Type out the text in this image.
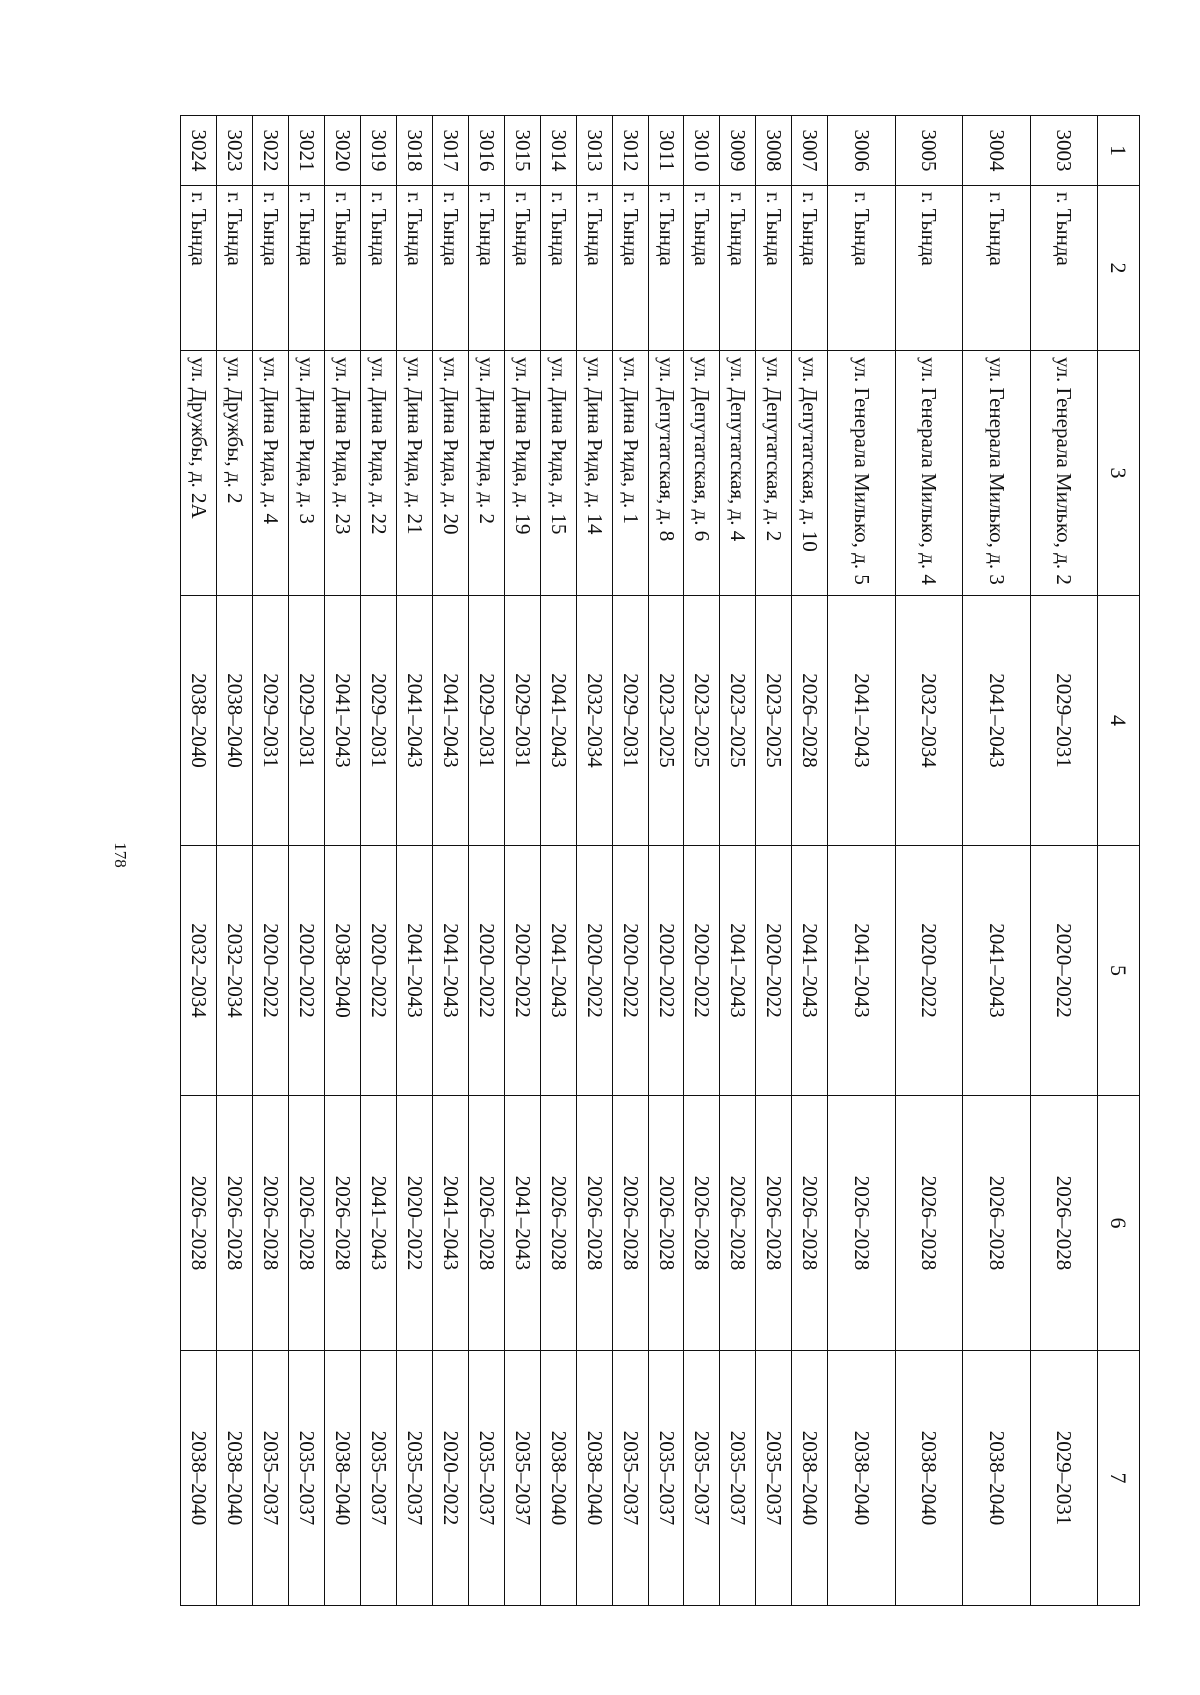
178
1	2	3	4	5	6	7
3003	г. Тында	ул. Генерала Милько, д. 2	2029–2031	2020–2022	2026–2028	2029–2031
3004	г. Тында	ул. Генерала Милько, д. 3	2041–2043	2041–2043	2026–2028	2038–2040
3005	г. Тында	ул. Генерала Милько, д. 4	2032–2034	2020–2022	2026–2028	2038–2040
3006	г. Тында	ул. Генерала Милько, д. 5	2041–2043	2041–2043	2026–2028	2038–2040
3007	г. Тында	ул. Депутатская, д. 10	2026–2028	2041–2043	2026–2028	2038–2040
3008	г. Тында	ул. Депутатская, д. 2	2023–2025	2020–2022	2026–2028	2035–2037
3009	г. Тында	ул. Депутатская, д. 4	2023–2025	2041–2043	2026–2028	2035–2037
3010	г. Тында	ул. Депутатская, д. 6	2023–2025	2020–2022	2026–2028	2035–2037
3011	г. Тында	ул. Депутатская, д. 8	2023–2025	2020–2022	2026–2028	2035–2037
3012	г. Тында	ул. Дина Рида, д. 1	2029–2031	2020–2022	2026–2028	2035–2037
3013	г. Тында	ул. Дина Рида, д. 14	2032–2034	2020–2022	2026–2028	2038–2040
3014	г. Тында	ул. Дина Рида, д. 15	2041–2043	2041–2043	2026–2028	2038–2040
3015	г. Тында	ул. Дина Рида, д. 19	2029–2031	2020–2022	2041–2043	2035–2037
3016	г. Тында	ул. Дина Рида, д. 2	2029–2031	2020–2022	2026–2028	2035–2037
3017	г. Тында	ул. Дина Рида, д. 20	2041–2043	2041–2043	2041–2043	2020–2022
3018	г. Тында	ул. Дина Рида, д. 21	2041–2043	2041–2043	2020–2022	2035–2037
3019	г. Тында	ул. Дина Рида, д. 22	2029–2031	2020–2022	2041–2043	2035–2037
3020	г. Тында	ул. Дина Рида, д. 23	2041–2043	2038–2040	2026–2028	2038–2040
3021	г. Тында	ул. Дина Рида, д. 3	2029–2031	2020–2022	2026–2028	2035–2037
3022	г. Тында	ул. Дина Рида, д. 4	2029–2031	2020–2022	2026–2028	2035–2037
3023	г. Тында	ул. Дружбы, д. 2	2038–2040	2032–2034	2026–2028	2038–2040
3024	г. Тында	ул. Дружбы, д. 2А	2038–2040	2032–2034	2026–2028	2038–2040
